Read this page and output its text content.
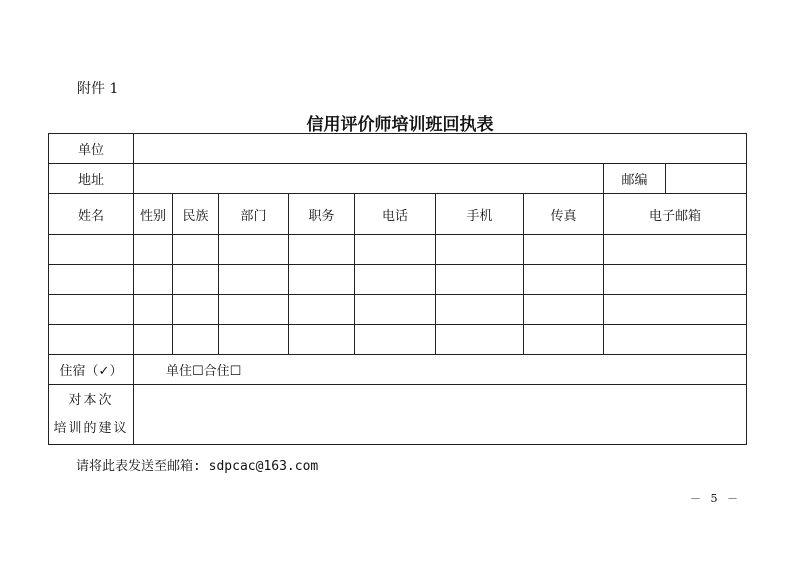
附件 1
信用评价师培训班回执表
单位									
地址								邮编	
姓名	性别	民族	部门	职务	电话	手机	传真	电子邮箱	

住宿（✓）	单住☐合住☐								

对本次
培训的建议									

请将此表发送至邮箱: sdpcac@163.com
－ 5 －
